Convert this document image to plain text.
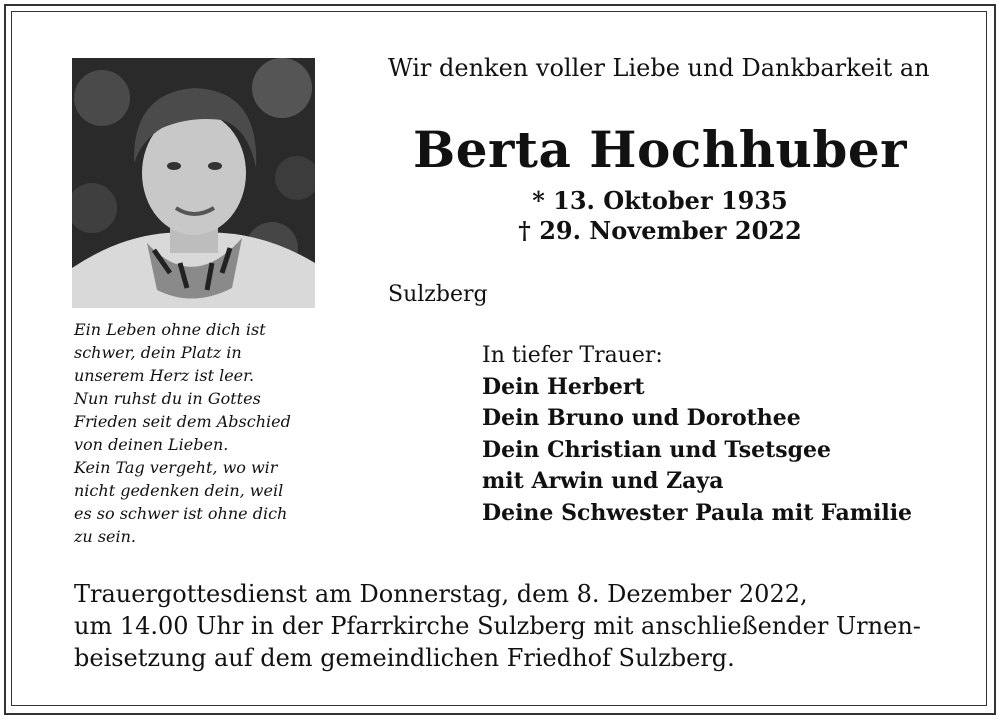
Wir denken voller Liebe und Dankbarkeit an
Berta Hochhuber
* 13. Oktober 1935
† 29. November 2022
Sulzberg
Ein Leben ohne dich ist
schwer, dein Platz in
unserem Herz ist leer.
Nun ruhst du in Gottes
Frieden seit dem Abschied
von deinen Lieben.
Kein Tag vergeht, wo wir
nicht gedenken dein, weil
es so schwer ist ohne dich
zu sein.
In tiefer Trauer:
Dein Herbert
Dein Bruno und Dorothee
Dein Christian und Tsetsgee
mit Arwin und Zaya
Deine Schwester Paula mit Familie
Trauergottesdienst am Donnerstag, dem 8. Dezember 2022,
um 14.00 Uhr in der Pfarrkirche Sulzberg mit anschließender Urnen-
beisetzung auf dem gemeindlichen Friedhof Sulzberg.
